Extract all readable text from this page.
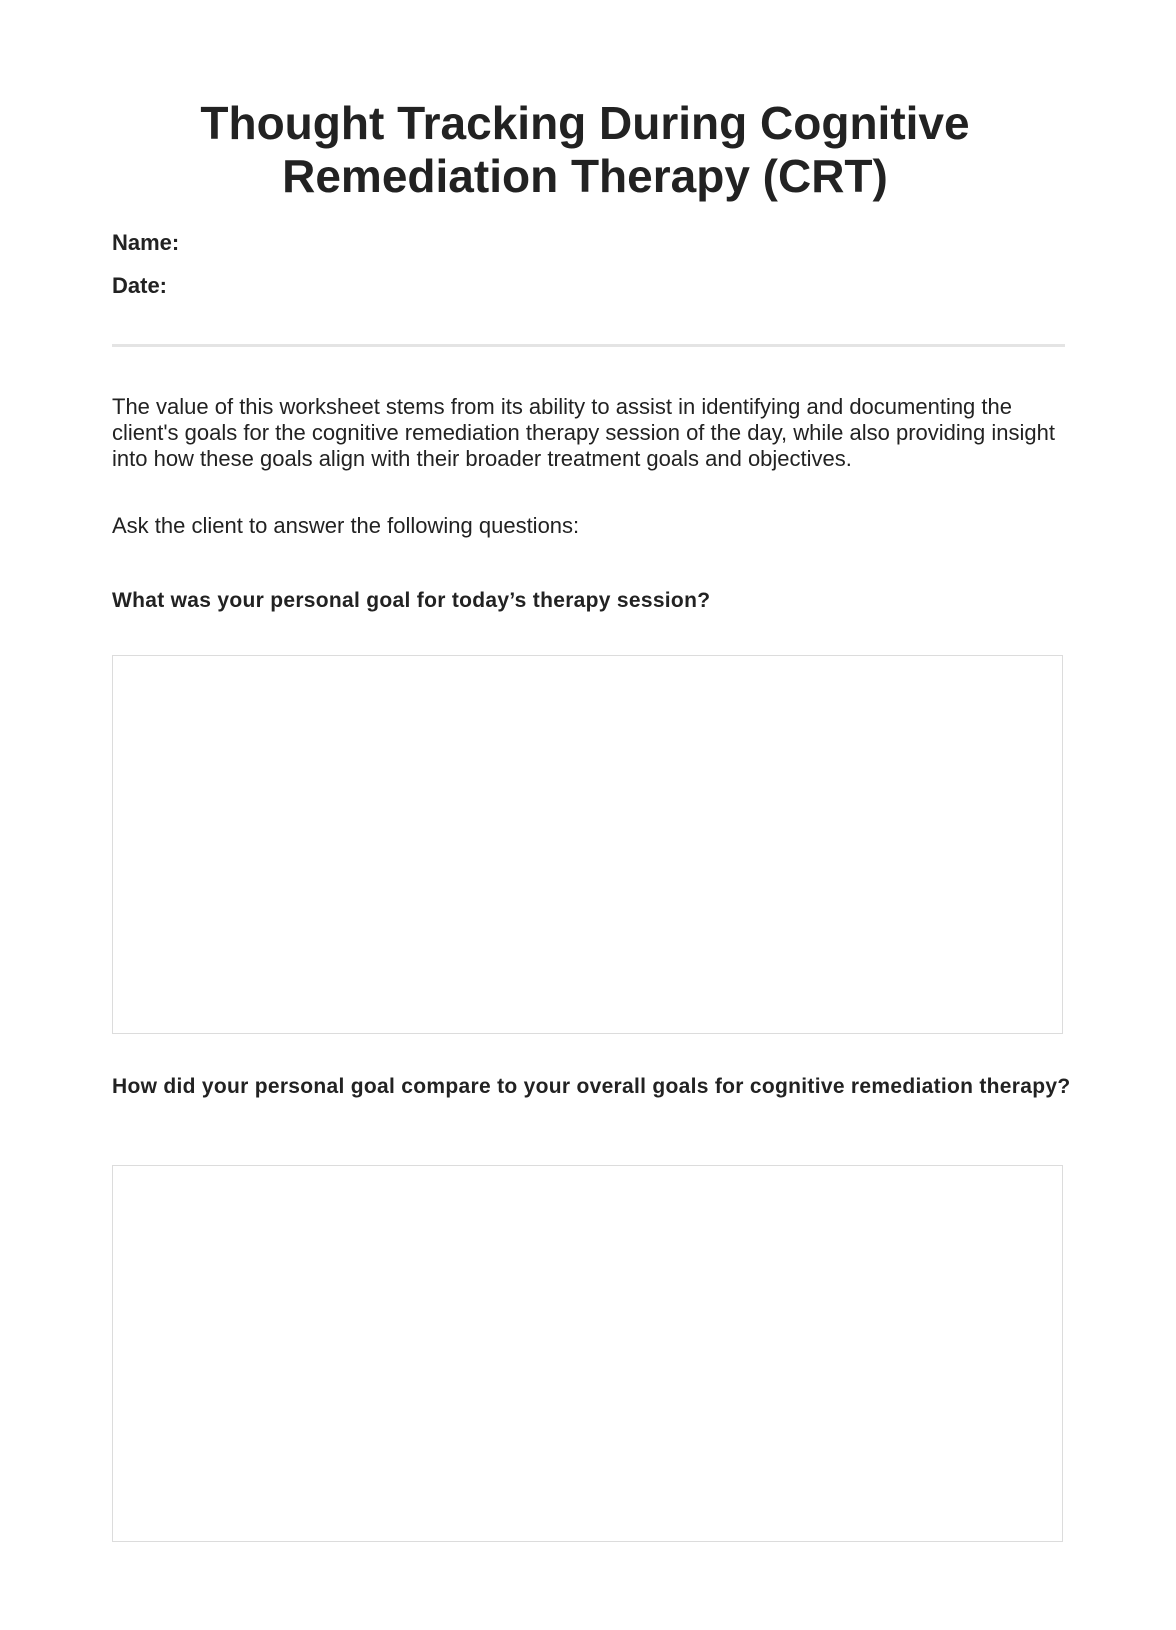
Thought Tracking During Cognitive Remediation Therapy (CRT)
Name:
Date:

The value of this worksheet stems from its ability to assist in identifying and documenting the client's goals for the cognitive remediation therapy session of the day, while also providing insight into how these goals align with their broader treatment goals and objectives.

Ask the client to answer the following questions:

What was your personal goal for today’s therapy session?

How did your personal goal compare to your overall goals for cognitive remediation therapy?
